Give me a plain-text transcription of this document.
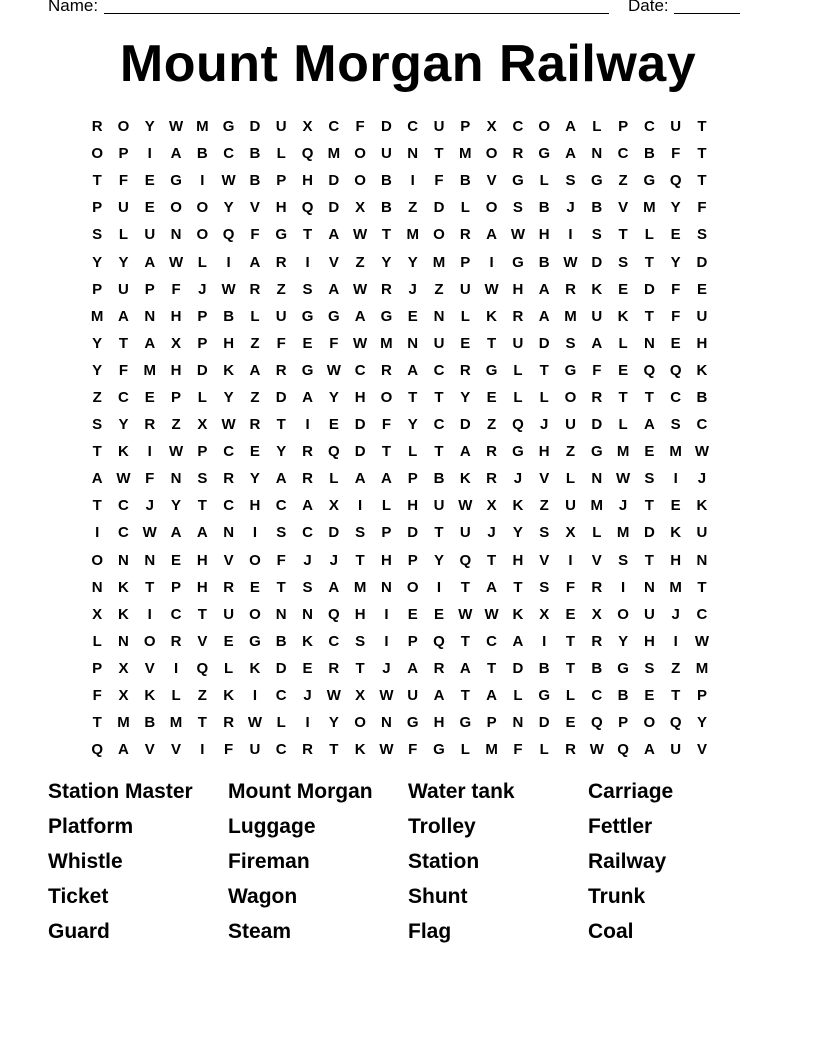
Name:	Date:
Mount Morgan Railway
R	O	Y W M G	D	U	X	C	F	D	C	U	P	X	C	O	A	L	P	C	U	T
O	P	I	A	B	C	B	L	Q M O	U	N	T	M O	R	G	A	N	C	B	F	T
T	F	E	G	I	W B	P	H	D	O	B	I	F	B	V	G	L	S	G	Z	G Q	T
P	U	E	O O	Y	V	H	Q	D	X	B	Z	D	L	O	S	B	J	B	V	M	Y	F
S	L	U	N	O Q	F	G	T	A W T	M O	R	A W H	I	S	T	L	E	S
Y	Y	A W L	I	A	R	I	V	Z	Y	Y	M	P	I	G	B W D	S	T	Y	D
P	U	P	F	J	W R	Z	S	A W R	J	Z	U W H	A	R	K	E	D	F	E
M A	N	H	P	B	L	U	G G	A	G	E	N	L	K	R	A M U	K	T	F	U
Y	T	A	X	P	H	Z	F	E	F W M N	U	E	T	U	D	S	A	L	N	E	H
Y	F	M H	D	K	A	R	G W C	R	A	C	R	G	L	T	G	F	E	Q Q	K
Z	C	E	P	L	Y	Z	D	A	Y	H	O	T	T	Y	E	L	L	O	R	T	T	C	B
S	Y	R	Z	X W R	T	I	E	D	F	Y	C	D	Z	Q	J	U	D	L	A	S	C
T	K	I	W P	C	E	Y	R	Q	D	T	L	T	A	R	G	H	Z	G M	E	M W
A W F	N	S	R	Y	A	R	L	A	A	P	B	K	R	J	V	L	N W S	I	J
T	C	J	Y	T	C	H	C	A	X	I	L	H	U W X	K	Z	U M	J	T	E	K
I	C W A	A	N	I	S	C	D	S	P	D	T	U	J	Y	S	X	L	M D	K	U
O	N	N	E	H	V	O	F	J	J	T	H	P	Y	Q	T	H	V	I	V	S	T	H	N
N	K	T	P	H	R	E	T	S	A M N	O	I	T	A	T	S	F	R	I	N M	T
X	K	I	C	T	U	O	N	N	Q	H	I	E	E W W K	X	E	X	O	U	J	C
L	N	O	R	V	E	G	B	K	C	S	I	P	Q	T	C	A	I	T	R	Y	H	I	W
P	X	V	I	Q	L	K	D	E	R	T	J	A	R	A	T	D	B	T	B	G	S	Z	M
F	X	K	L	Z	K	I	C	J	W X W U	A	T	A	L	G	L	C	B	E	T	P
T	M B M	T	R W L	I	Y	O	N	G	H	G	P	N	D	E	Q	P	O Q	Y
Q	A	V	V	I	F	U	C	R	T	K W F	G	L	M	F	L	R W Q	A	U	V
Station Master	Mount Morgan	Water tank	Carriage
Platform	Luggage	Trolley	Fettler
Whistle	Fireman	Station	Railway
Ticket	Wagon	Shunt	Trunk
Guard	Steam	Flag	Coal
